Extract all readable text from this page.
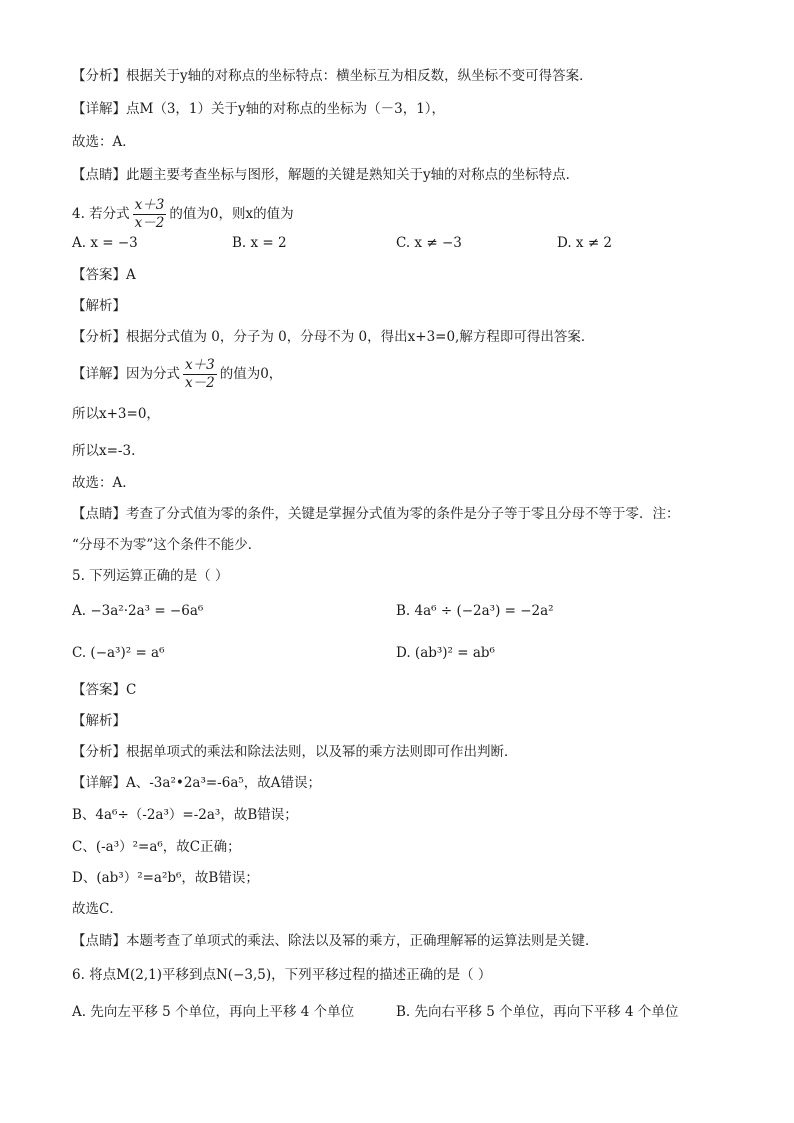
【分析】根据关于y轴的对称点的坐标特点：横坐标互为相反数，纵坐标不变可得答案．
【详解】点M（3，1）关于y轴的对称点的坐标为（－3，1），
故选：A．
【点睛】此题主要考查坐标与图形，解题的关键是熟知关于y轴的对称点的坐标特点．
4. 若分式 $\frac{x+3}{x-2}$ 的值为0，则x的值为
A. x = −3	B. x = 2	C. x ≠ −3	D. x ≠ 2
【答案】A
【解析】
【分析】根据分式值为 0，分子为 0，分母不为 0，得出x+3=0,解方程即可得出答案．
【详解】因为分式 $\frac{x+3}{x-2}$ 的值为0，
所以x+3=0，
所以x=-3.
故选：A.
【点睛】考查了分式值为零的条件，关键是掌握分式值为零的条件是分子等于零且分母不等于零．注：
“分母不为零”这个条件不能少．
5. 下列运算正确的是（ ）
A. −3a²·2a³ = −6a⁶	B. 4a⁶ ÷ (−2a³) = −2a²
C. (−a³)² = a⁶	D. (ab³)² = ab⁶
【答案】C
【解析】
【分析】根据单项式的乘法和除法法则，以及幂的乘方法则即可作出判断．
【详解】A、-3a²•2a³=-6a⁵，故A错误；
B、4a⁶÷（-2a³）=-2a³，故B错误；
C、(-a³）²=a⁶，故C正确；
D、(ab³）²=a²b⁶，故B错误；
故选C．
【点睛】本题考查了单项式的乘法、除法以及幂的乘方，正确理解幂的运算法则是关键．
6. 将点M(2,1)平移到点N(−3,5)，下列平移过程的描述正确的是（ ）
A. 先向左平移 5 个单位，再向上平移 4 个单位	B. 先向右平移 5 个单位，再向下平移 4 个单位
